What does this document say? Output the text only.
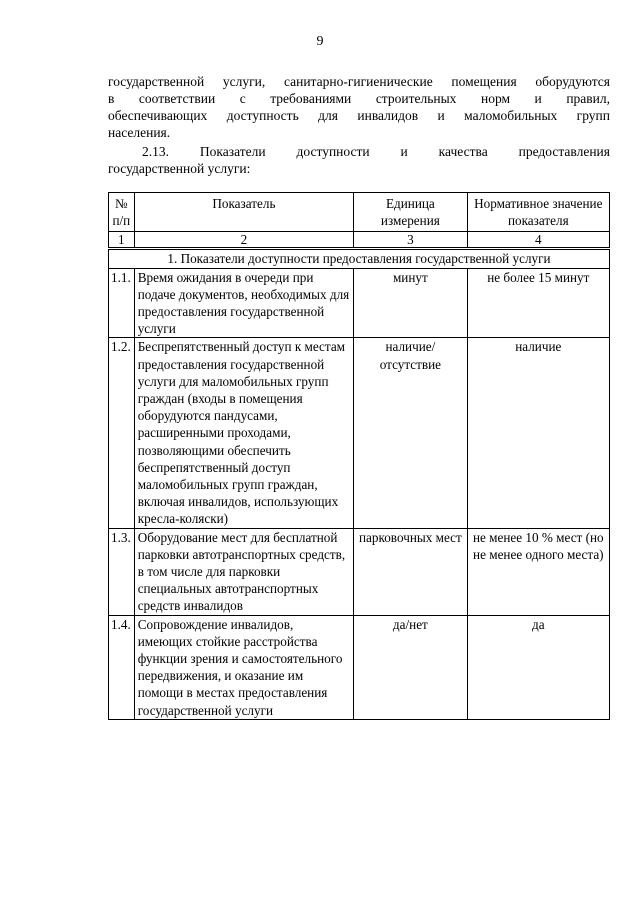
9
государственной услуги, санитарно-гигиенические помещения оборудуются
в соответствии с требованиями строительных норм и правил,
обеспечивающих доступность для инвалидов и маломобильных групп
населения.
2.13. Показатели доступности и качества предоставления
государственной услуги:
№ п/п	Показатель	Единица измерения	Нормативное значение показателя
1	2	3	4
1. Показатели доступности предоставления государственной услуги			
1.1.	Время ожидания в очереди при подаче документов, необходимых для предоставления государственной услуги	минут	не более 15 минут
1.2.	Беспрепятственный доступ к местам предоставления государственной услуги для маломобильных групп граждан (входы в помещения оборудуются пандусами, расширенными проходами, позволяющими обеспечить беспрепятственный доступ маломобильных групп граждан, включая инвалидов, использующих кресла-коляски)	наличие/ отсутствие	наличие
1.3.	Оборудование мест для бесплатной парковки автотранспортных средств, в том числе для парковки специальных автотранспортных средств инвалидов	парковочных мест	не менее 10 % мест (но не менее одного места)
1.4.	Сопровождение инвалидов, имеющих стойкие расстройства функции зрения и самостоятельного передвижения, и оказание им помощи в местах предоставления государственной услуги	да/нет	да
